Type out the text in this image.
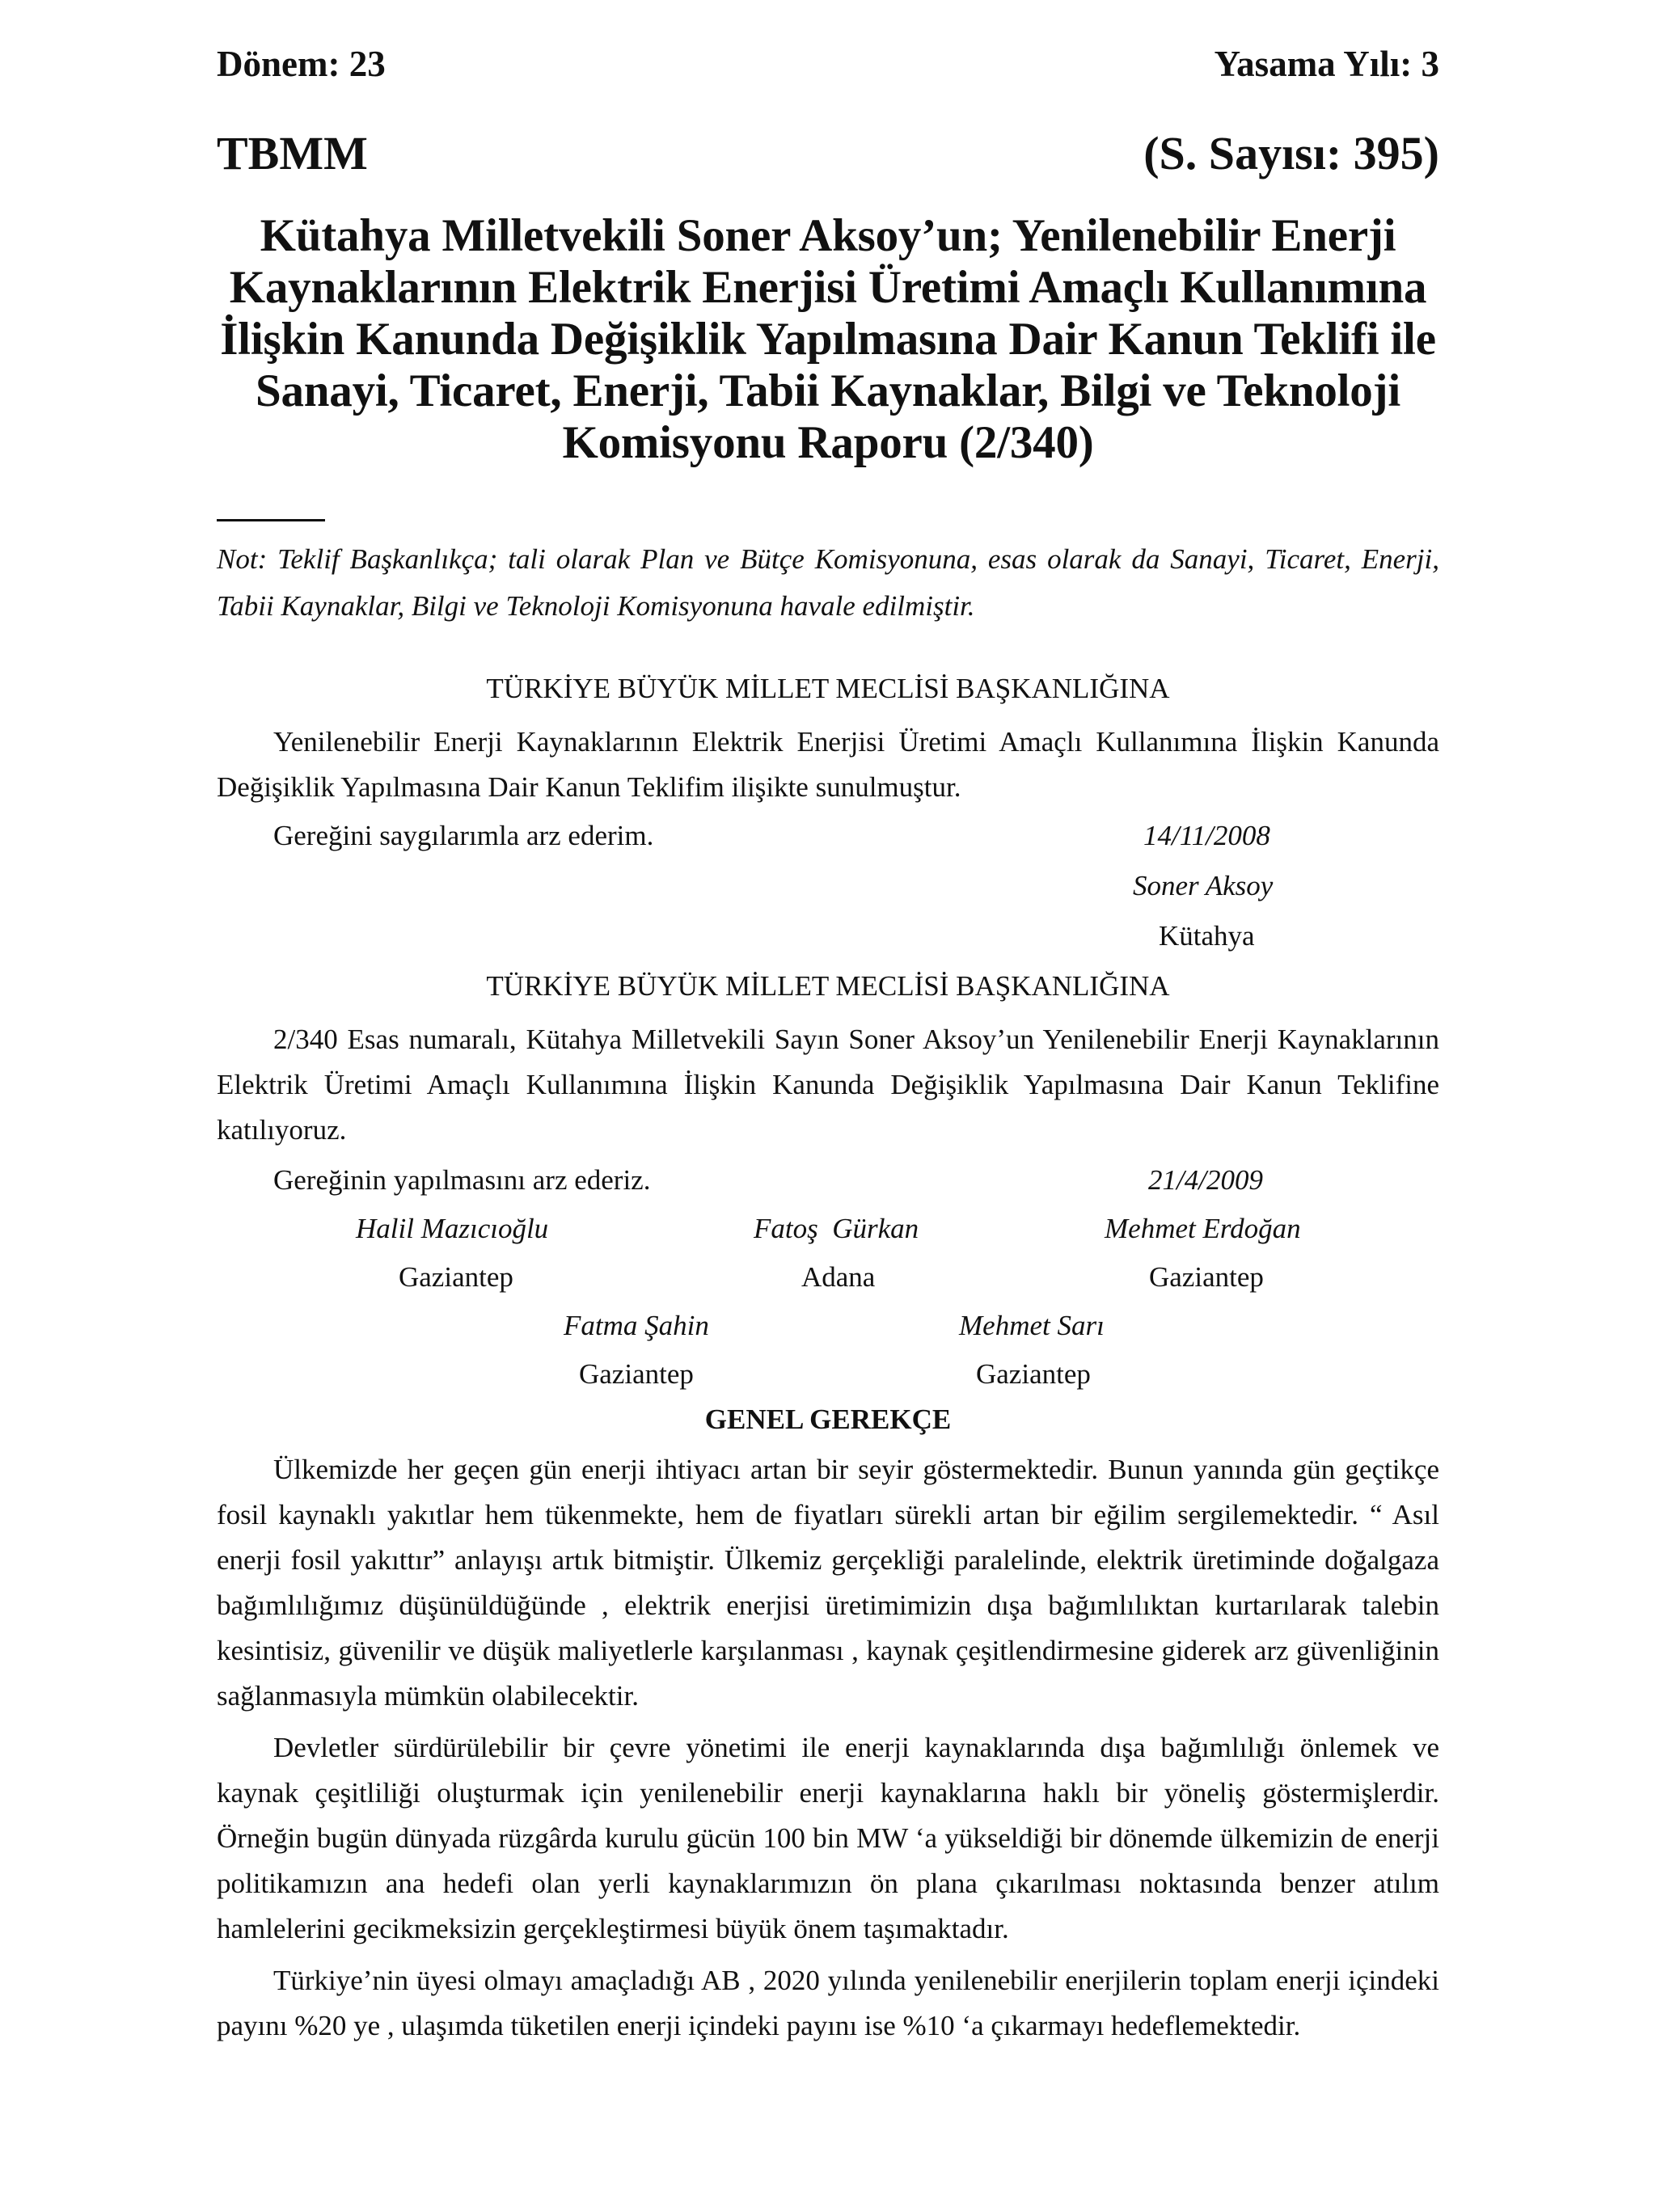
Dönem: 23	Yasama Yılı: 3
TBMM	(S. Sayısı: 395)
Kütahya Milletvekili Soner Aksoy’un; Yenilenebilir Enerji
Kaynaklarının Elektrik Enerjisi Üretimi Amaçlı Kullanımına
İlişkin Kanunda Değişiklik Yapılmasına Dair Kanun Teklifi ile
Sanayi, Ticaret, Enerji, Tabii Kaynaklar, Bilgi ve Teknoloji
Komisyonu Raporu (2/340)
Not: Teklif Başkanlıkça; tali olarak Plan ve Bütçe Komisyonuna, esas olarak da Sanayi, Ticaret, Enerji, Tabii Kaynaklar, Bilgi ve Teknoloji Komisyonuna havale edilmiştir.
TÜRKİYE BÜYÜK MİLLET MECLİSİ BAŞKANLIĞINA
Yenilenebilir Enerji Kaynaklarının Elektrik Enerjisi Üretimi Amaçlı Kullanımına İlişkin Kanunda Değişiklik Yapılmasına Dair Kanun Teklifim ilişikte sunulmuştur.
Gereğini saygılarımla arz ederim.	14/11/2008
Soner Aksoy
Kütahya
TÜRKİYE BÜYÜK MİLLET MECLİSİ BAŞKANLIĞINA
2/340 Esas numaralı, Kütahya Milletvekili Sayın Soner Aksoy’un Yenilenebilir Enerji Kaynaklarının Elektrik Üretimi Amaçlı Kullanımına İlişkin Kanunda Değişiklik Yapılmasına Dair Kanun Teklifine katılıyoruz.
Gereğinin yapılmasını arz ederiz.	21/4/2009
Halil Mazıcıoğlu
Gaziantep
Fatoş  Gürkan
Adana
Mehmet Erdoğan
Gaziantep
Fatma Şahin
Gaziantep
Mehmet Sarı
Gaziantep
GENEL GEREKÇE

Ülkemizde her geçen gün enerji ihtiyacı artan bir seyir göstermektedir. Bunun yanında gün geçtikçe fosil kaynaklı yakıtlar hem tükenmekte, hem de fiyatları sürekli artan bir eğilim sergilemektedir. “ Asıl enerji fosil yakıttır” anlayışı artık bitmiştir. Ülkemiz gerçekliği paralelinde, elektrik üretiminde doğalgaza bağımlılığımız düşünüldüğünde , elektrik enerjisi üretimimizin dışa bağımlılıktan kurtarılarak talebin kesintisiz, güvenilir ve düşük maliyetlerle karşılanması , kaynak çeşitlendirmesine giderek arz güvenliğinin sağlanmasıyla mümkün olabilecektir.

Devletler sürdürülebilir bir çevre yönetimi ile enerji kaynaklarında dışa bağımlılığı önlemek ve kaynak çeşitliliği oluşturmak için yenilenebilir enerji kaynaklarına haklı bir yöneliş göstermişlerdir. Örneğin bugün dünyada rüzgârda kurulu gücün 100 bin MW ‘a yükseldiği bir dönemde ülkemizin de enerji politikamızın ana hedefi olan yerli kaynaklarımızın ön plana çıkarılması noktasında benzer atılım hamlelerini gecikmeksizin gerçekleştirmesi büyük önem taşımaktadır.

Türkiye’nin üyesi olmayı amaçladığı AB , 2020 yılında yenilenebilir enerjilerin toplam enerji içindeki payını %20 ye , ulaşımda tüketilen enerji içindeki payını ise %10 ‘a çıkarmayı hedeflemektedir.
